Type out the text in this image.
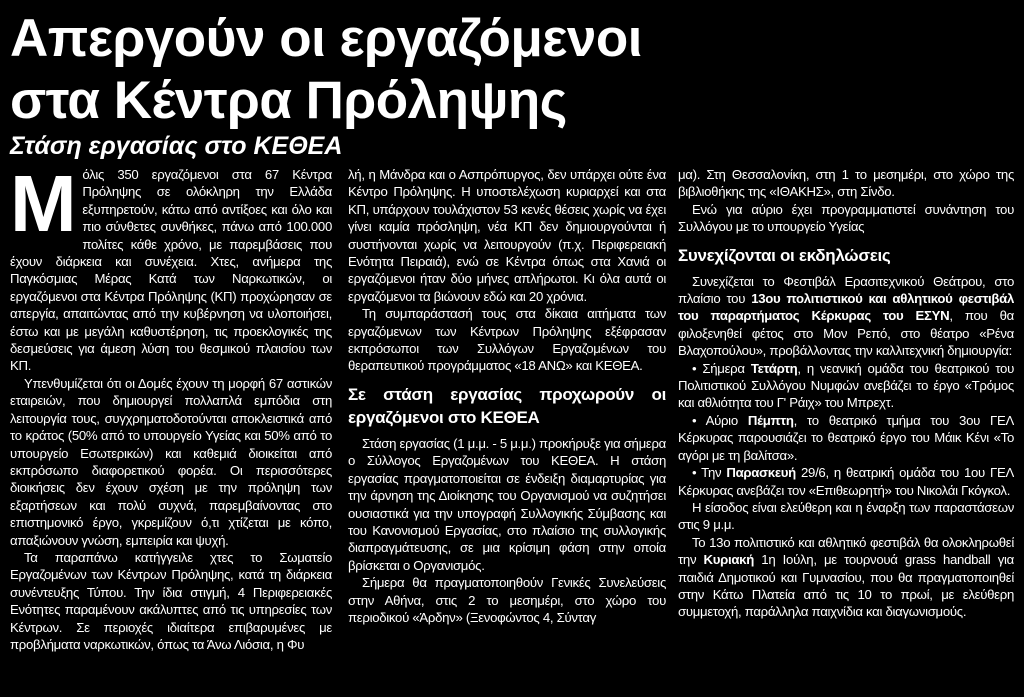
Απεργούν οι εργαζόμενοι
στα Κέντρα Πρόληψης
Στάση εργασίας στο ΚΕΘΕΑ

Μόλις 350 εργαζόμενοι στα 67 Κέντρα Πρόληψης σε ολόκληρη την Ελλάδα εξυπηρετούν, κάτω από αντίξοες και όλο και πιο σύνθετες συνθήκες, πάνω από 100.000 πολίτες κάθε χρόνο, με παρεμβάσεις που έχουν διάρκεια και συνέχεια. Χτες, ανήμερα της Παγκόσμιας Μέρας Κατά των Ναρκωτικών, οι εργαζόμενοι στα Κέντρα Πρόληψης (ΚΠ) προχώρησαν σε απεργία, απαιτώντας από την κυβέρνηση να υλοποιήσει, έστω και με μεγάλη καθυστέρηση, τις προεκλογικές της δεσμεύσεις για άμεση λύση του θεσμικού πλαισίου των ΚΠ.

Υπενθυμίζεται ότι οι Δομές έχουν τη μορφή 67 αστικών εταιρειών, που δημιουργεί πολλαπλά εμπόδια στη λειτουργία τους, συγχρηματοδοτούνται αποκλειστικά από το κράτος (50% από το υπουργείο Υγείας και 50% από το υπουργείο Εσωτερικών) και καθεμιά διοικείται από εκπρόσωπο διαφορετικού φορέα. Οι περισσότερες διοικήσεις δεν έχουν σχέση με την πρόληψη των εξαρτήσεων και πολύ συχνά, παρεμβαίνοντας στο επιστημονικό έργο, γκρεμίζουν ό,τι χτίζεται με κόπο, απαξιώνουν γνώση, εμπειρία και ψυχή.

Τα παραπάνω κατήγγειλε χτες το Σωματείο Εργαζομένων των Κέντρων Πρόληψης, κατά τη διάρκεια συνέντευξης Τύπου. Την ίδια στιγμή, 4 Περιφερειακές Ενότητες παραμένουν ακάλυπτες από τις υπηρεσίες των Κέντρων. Σε περιοχές ιδιαίτερα επιβαρυμένες με προβλήματα ναρκωτικών, όπως τα Άνω Λιόσια, η Φυ

λή, η Μάνδρα και ο Ασπρόπυργος, δεν υπάρχει ούτε ένα Κέντρο Πρόληψης. Η υποστελέχωση κυριαρχεί και στα ΚΠ, υπάρχουν τουλάχιστον 53 κενές θέσεις χωρίς να έχει γίνει καμία πρόσληψη, νέα ΚΠ δεν δημιουργούνται ή συστήνονται χωρίς να λειτουργούν (π.χ. Περιφερειακή Ενότητα Πειραιά), ενώ σε Κέντρα όπως στα Χανιά οι εργαζόμενοι ήταν δύο μήνες απλήρωτοι. Κι όλα αυτά οι εργαζόμενοι τα βιώνουν εδώ και 20 χρόνια.

Τη συμπαράστασή τους στα δίκαια αιτήματα των εργαζόμενων των Κέντρων Πρόληψης εξέφρασαν εκπρόσωποι των Συλλόγων Εργαζομένων του θεραπευτικού προγράμματος «18 ΑΝΩ» και ΚΕΘΕΑ.

Σε στάση εργασίας προχωρούν οι εργαζόμενοι στο ΚΕΘΕΑ

Στάση εργασίας (1 μ.μ. - 5 μ.μ.) προκήρυξε για σήμερα ο Σύλλογος Εργαζομένων του ΚΕΘΕΑ. Η στάση εργασίας πραγματοποιείται σε ένδειξη διαμαρτυρίας για την άρνηση της Διοίκησης του Οργανισμού να συζητήσει ουσιαστικά για την υπογραφή Συλλογικής Σύμβασης και του Κανονισμού Εργασίας, στο πλαίσιο της συλλογικής διαπραγμάτευσης, σε μια κρίσιμη φάση στην οποία βρίσκεται ο Οργανισμός.

Σήμερα θα πραγματοποιηθούν Γενικές Συνελεύσεις στην Αθήνα, στις 2 το μεσημέρι, στο χώρο του περιοδικού «Άρδην» (Ξενοφώντος 4, Σύνταγ

μα). Στη Θεσσαλονίκη, στη 1 το μεσημέρι, στο χώρο της βιβλιοθήκης της «ΙΘΑΚΗΣ», στη Σίνδο.

Ενώ για αύριο έχει προγραμματιστεί συνάντηση του Συλλόγου με το υπουργείο Υγείας

Συνεχίζονται οι εκδηλώσεις

Συνεχίζεται το Φεστιβάλ Ερασιτεχνικού Θεάτρου, στο πλαίσιο του 13ου πολιτιστικού και αθλητικού φεστιβάλ του παραρτήματος Κέρκυρας του ΕΣΥΝ, που θα φιλοξενηθεί φέτος στο Μον Ρεπό, στο θέατρο «Ρένα Βλαχοπούλου», προβάλλοντας την καλλιτεχνική δημιουργία:

• Σήμερα Τετάρτη, η νεανική ομάδα του θεατρικού του Πολιτιστικού Συλλόγου Νυμφών ανεβάζει το έργο «Τρόμος και αθλιότητα του Γ' Ράιχ» του Μπρεχτ.

• Αύριο Πέμπτη, το θεατρικό τμήμα του 3ου ΓΕΛ Κέρκυρας παρουσιάζει το θεατρικό έργο του Μάικ Κένι «Το αγόρι με τη βαλίτσα».

• Την Παρασκευή 29/6, η θεατρική ομάδα του 1ου ΓΕΛ Κέρκυρας ανεβάζει τον «Επιθεωρητή» του Νικολάι Γκόγκολ.

Η είσοδος είναι ελεύθερη και η έναρξη των παραστάσεων στις 9 μ.μ.

Το 13ο πολιτιστικό και αθλητικό φεστιβάλ θα ολοκληρωθεί την Κυριακή 1η Ιούλη, με τουρνουά grass handball για παιδιά Δημοτικού και Γυμνασίου, που θα πραγματοποιηθεί στην Κάτω Πλατεία από τις 10 το πρωί, με ελεύθερη συμμετοχή, παράλληλα παιχνίδια και διαγωνισμούς.
